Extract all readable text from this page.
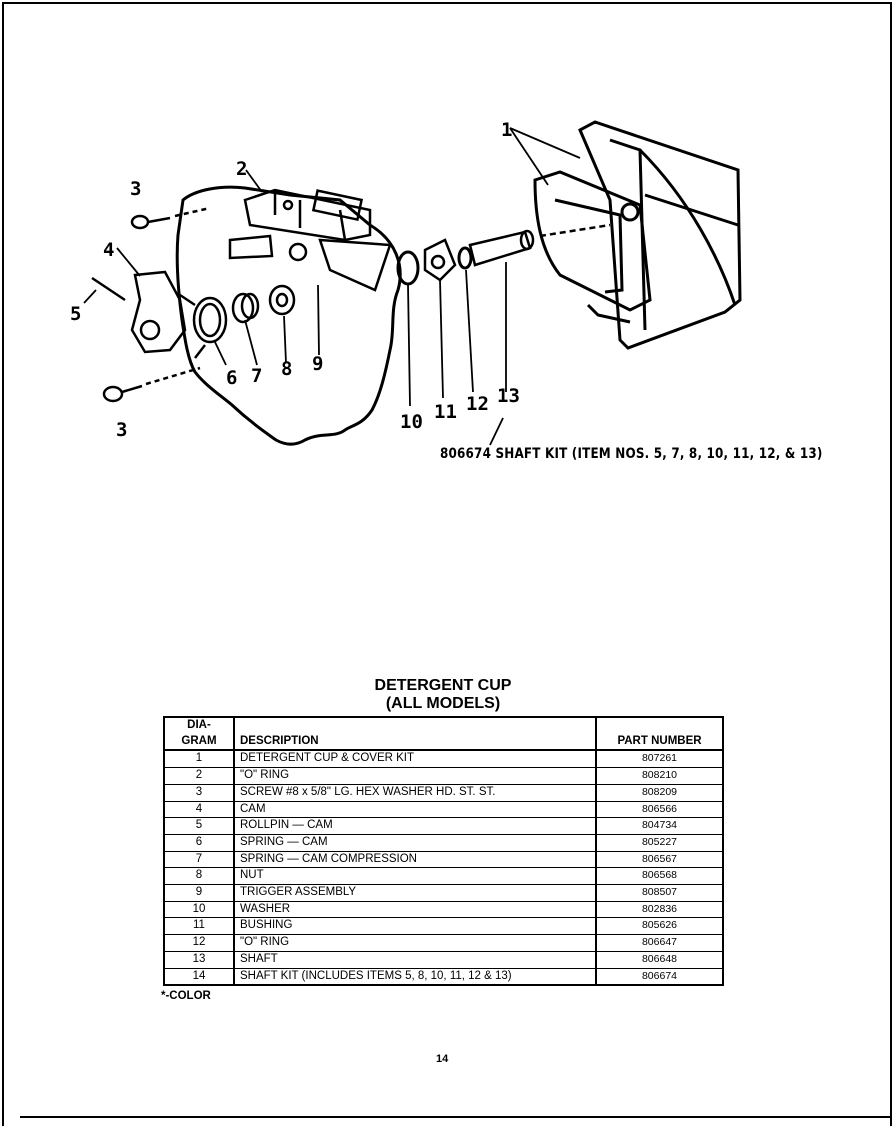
1
2
3
3
4
5
6 7 8 9
10 11 12 13
806674 SHAFT KIT (ITEM NOS. 5, 7, 8, 10, 11, 12, & 13)
DETERGENT CUP
(ALL MODELS)
DIA-
GRAM	DESCRIPTION	PART NUMBER
1	DETERGENT CUP & COVER KIT	807261
2	"O" RING	808210
3	SCREW #8 x 5/8" LG. HEX WASHER HD. ST. ST.	808209
4	CAM	806566
5	ROLLPIN — CAM	804734
6	SPRING — CAM	805227
7	SPRING — CAM COMPRESSION	806567
8	NUT	806568
9	TRIGGER ASSEMBLY	808507
10	WASHER	802836
11	BUSHING	805626
12	"O" RING	806647
13	SHAFT	806648
14	SHAFT KIT (INCLUDES ITEMS 5, 8, 10, 11, 12 & 13)	806674
*-COLOR
14
